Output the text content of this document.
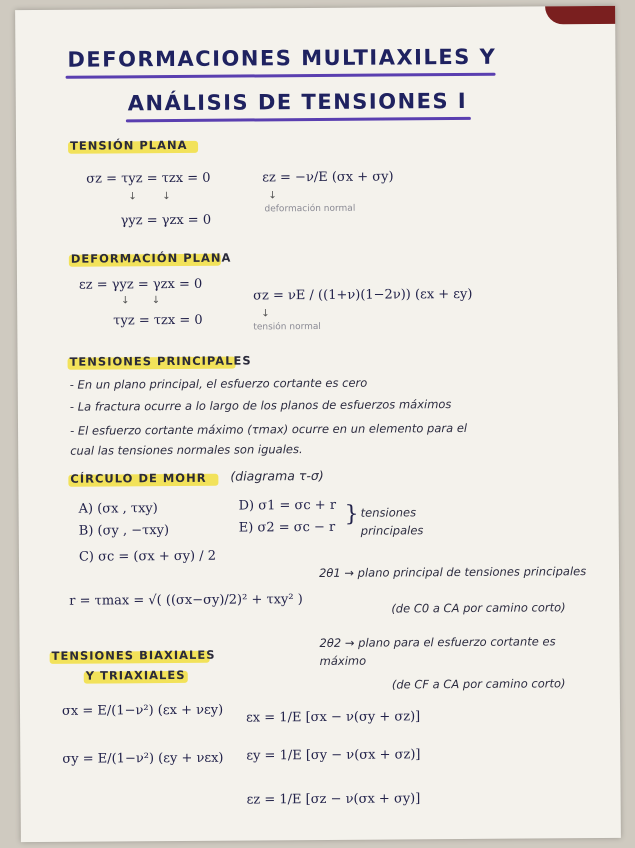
DEFORMACIONES MULTIAXILES Y
ANÁLISIS DE TENSIONES I
TENSIÓN PLANA
σz = τyz = τzx = 0
↓        ↓
γyz = γzx = 0
εz = −ν/E (σx + σy)
↓
deformación normal
DEFORMACIÓN PLANA
εz = γyz = γzx = 0
↓       ↓
τyz = τzx = 0
σz = νE / ((1+ν)(1−2ν)) (εx + εy)
↓
tensión normal
TENSIONES PRINCIPALES
- En un plano principal, el esfuerzo cortante es cero
- La fractura ocurre a lo largo de los planos de esfuerzos máximos
- El esfuerzo cortante máximo (τmax) ocurre en un elemento para el
cual las tensiones normales son iguales.
CÍRCULO DE MOHR (diagrama τ-σ)
A) (σx , τxy)
B) (σy , −τxy)
C) σc = (σx + σy) / 2
D) σ1 = σc + r
E) σ2 = σc − r
} tensiones principales
r = τmax = √( ((σx−σy)/2)² + τxy² )
2θ1 → plano principal de tensiones principales
(de C0 a CA por camino corto)
2θ2 → plano para el esfuerzo cortante es máximo
(de CF a CA por camino corto)
TENSIONES BIAXIALES
Y TRIAXIALES
σx = E/(1−ν²) (εx + νεy)
σy = E/(1−ν²) (εy + νεx)
εx = 1/E [σx − ν(σy + σz)]
εy = 1/E [σy − ν(σx + σz)]
εz = 1/E [σz − ν(σx + σy)]
